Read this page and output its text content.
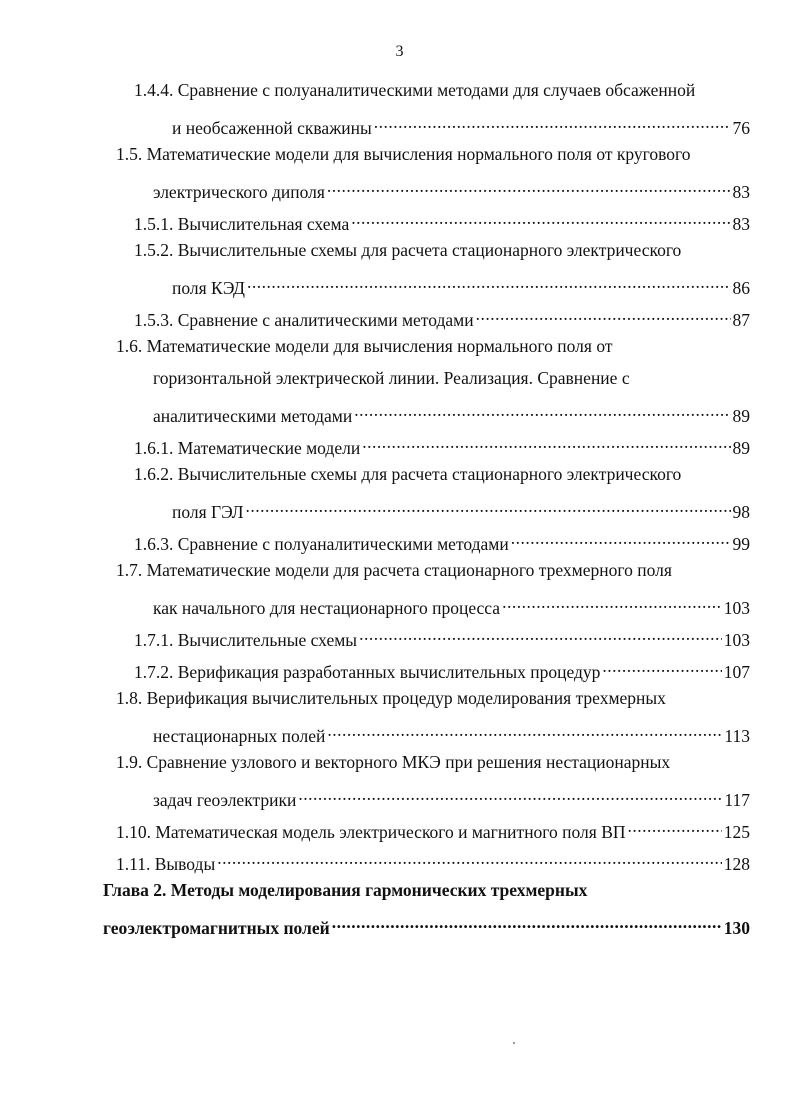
3
1.4.4. Сравнение с полуаналитическими методами для случаев обсаженной
и необсаженной скважины .....	76
1.5. Математические модели для вычисления нормального поля от кругового
электрического диполя .....	83
1.5.1. Вычислительная схема .....	83
1.5.2. Вычислительные схемы для расчета стационарного электрического
поля КЭД .....	86
1.5.3. Сравнение с аналитическими методами .....	87
1.6. Математические модели для вычисления нормального поля от
горизонтальной электрической линии. Реализация. Сравнение с
аналитическими методами .....	89
1.6.1. Математические модели .....	89
1.6.2. Вычислительные схемы для расчета стационарного электрического
поля ГЭЛ .....	98
1.6.3. Сравнение с полуаналитическими методами .....	99
1.7. Математические модели для расчета стационарного трехмерного поля
как начального для нестационарного процесса .....	103
1.7.1. Вычислительные схемы .....	103
1.7.2. Верификация разработанных вычислительных процедур .....	107
1.8. Верификация вычислительных процедур моделирования трехмерных
нестационарных полей .....	113
1.9. Сравнение узлового и векторного МКЭ при решения нестационарных
задач геоэлектрики .....	117
1.10. Математическая модель электрического и магнитного поля ВП .....	125
1.11. Выводы .....	128
Глава 2. Методы моделирования гармонических трехмерных
геоэлектромагнитных полей .....	130
